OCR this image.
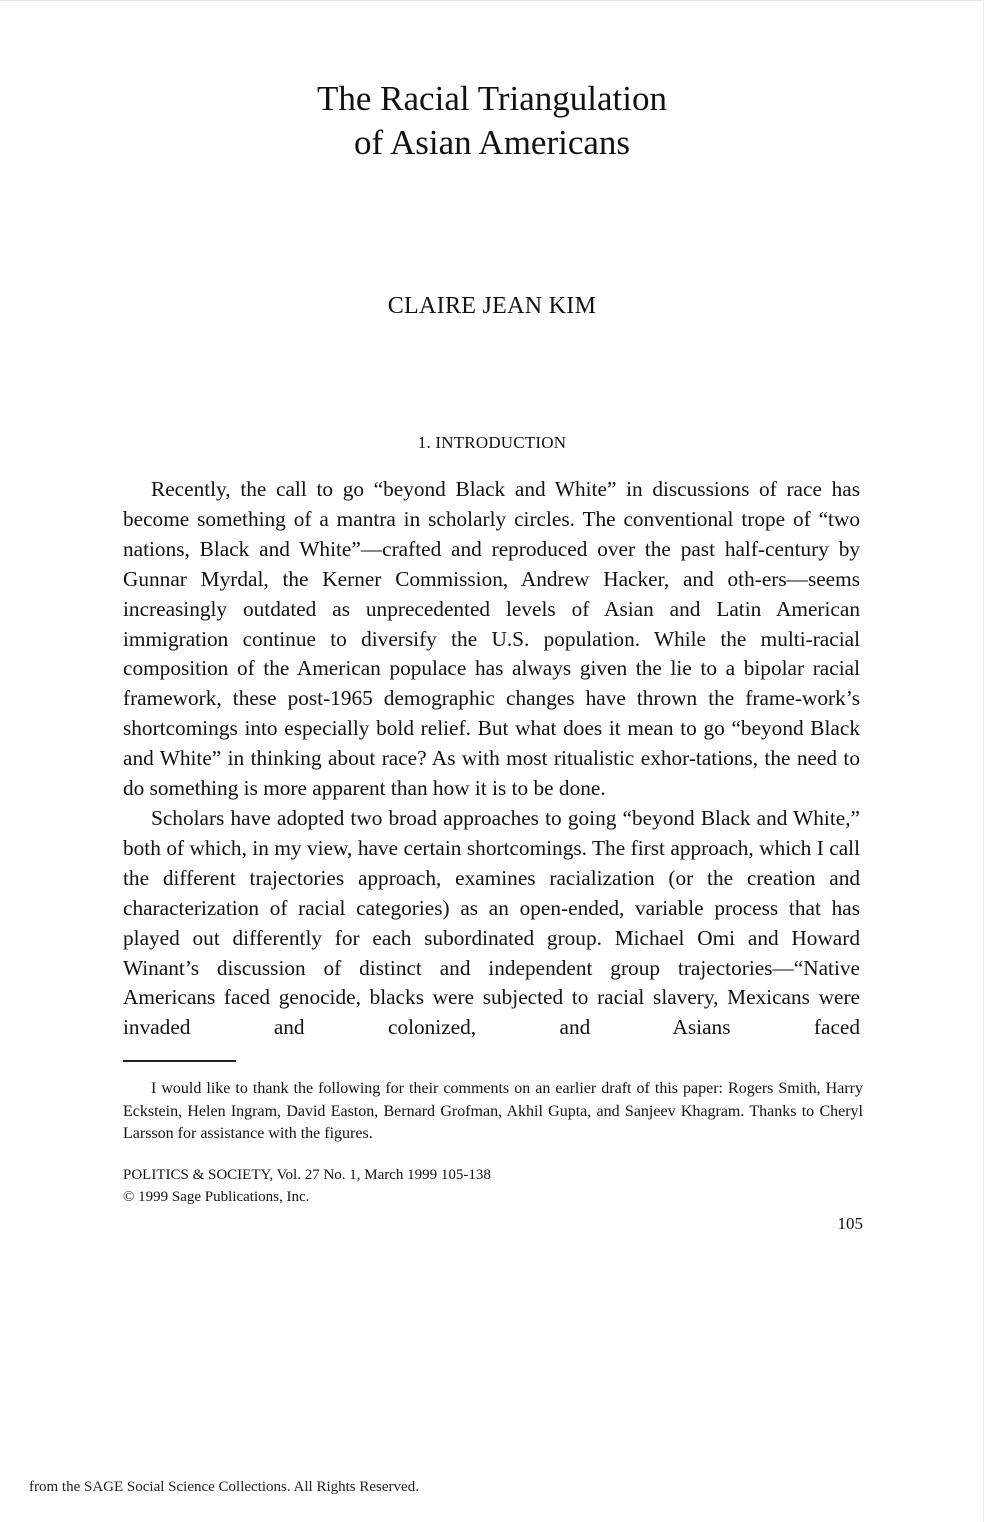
The Racial Triangulation
of Asian Americans
CLAIRE JEAN KIM
1. INTRODUCTION

Recently, the call to go “beyond Black and White” in discussions of race has become something of a mantra in scholarly circles. The conventional trope of “two nations, Black and White”—crafted and reproduced over the past half-century by Gunnar Myrdal, the Kerner Commission, Andrew Hacker, and oth-ers—seems increasingly outdated as unprecedented levels of Asian and Latin American immigration continue to diversify the U.S. population. While the multi-racial composition of the American populace has always given the lie to a bipolar racial framework, these post-1965 demographic changes have thrown the frame-work’s shortcomings into especially bold relief. But what does it mean to go “beyond Black and White” in thinking about race? As with most ritualistic exhor-tations, the need to do something is more apparent than how it is to be done.

Scholars have adopted two broad approaches to going “beyond Black and White,” both of which, in my view, have certain shortcomings. The first approach, which I call the different trajectories approach, examines racialization (or the creation and characterization of racial categories) as an open-ended, variable process that has played out differently for each subordinated group. Michael Omi and Howard Winant’s discussion of distinct and independent group trajectories—“Native Americans faced genocide, blacks were subjected to racial slavery, Mexicans were invaded and colonized, and Asians faced

I would like to thank the following for their comments on an earlier draft of this paper: Rogers Smith, Harry Eckstein, Helen Ingram, David Easton, Bernard Grofman, Akhil Gupta, and Sanjeev Khagram. Thanks to Cheryl Larsson for assistance with the figures.

POLITICS & SOCIETY, Vol. 27 No. 1, March 1999 105-138
© 1999 Sage Publications, Inc.
105
from the SAGE Social Science Collections. All Rights Reserved.
